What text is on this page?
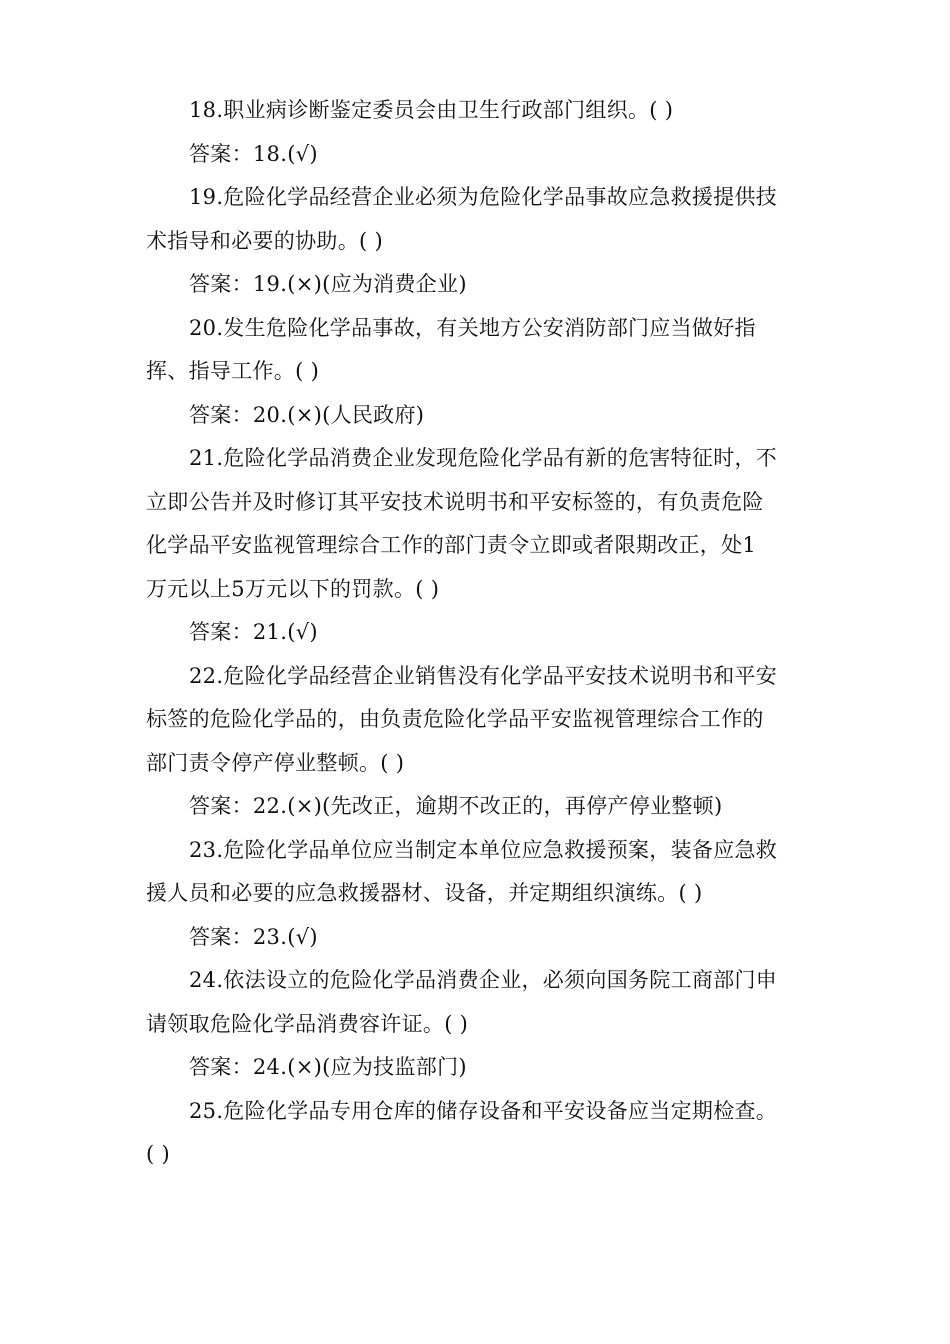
18.职业病诊断鉴定委员会由卫生行政部门组织。( )
答案：18.(√)
19.危险化学品经营企业必须为危险化学品事故应急救援提供技
术指导和必要的协助。( )
答案：19.(×)(应为消费企业)
20.发生危险化学品事故，有关地方公安消防部门应当做好指
挥、指导工作。( )
答案：20.(×)(人民政府)
21.危险化学品消费企业发现危险化学品有新的危害特征时，不
立即公告并及时修订其平安技术说明书和平安标签的，有负责危险
化学品平安监视管理综合工作的部门责令立即或者限期改正，处1
万元以上5万元以下的罚款。( )
答案：21.(√)
22.危险化学品经营企业销售没有化学品平安技术说明书和平安
标签的危险化学品的，由负责危险化学品平安监视管理综合工作的
部门责令停产停业整顿。( )
答案：22.(×)(先改正，逾期不改正的，再停产停业整顿)
23.危险化学品单位应当制定本单位应急救援预案，装备应急救
援人员和必要的应急救援器材、设备，并定期组织演练。( )
答案：23.(√)
24.依法设立的危险化学品消费企业，必须向国务院工商部门申
请领取危险化学品消费容许证。( )
答案：24.(×)(应为技监部门)
25.危险化学品专用仓库的储存设备和平安设备应当定期检查。
( )
